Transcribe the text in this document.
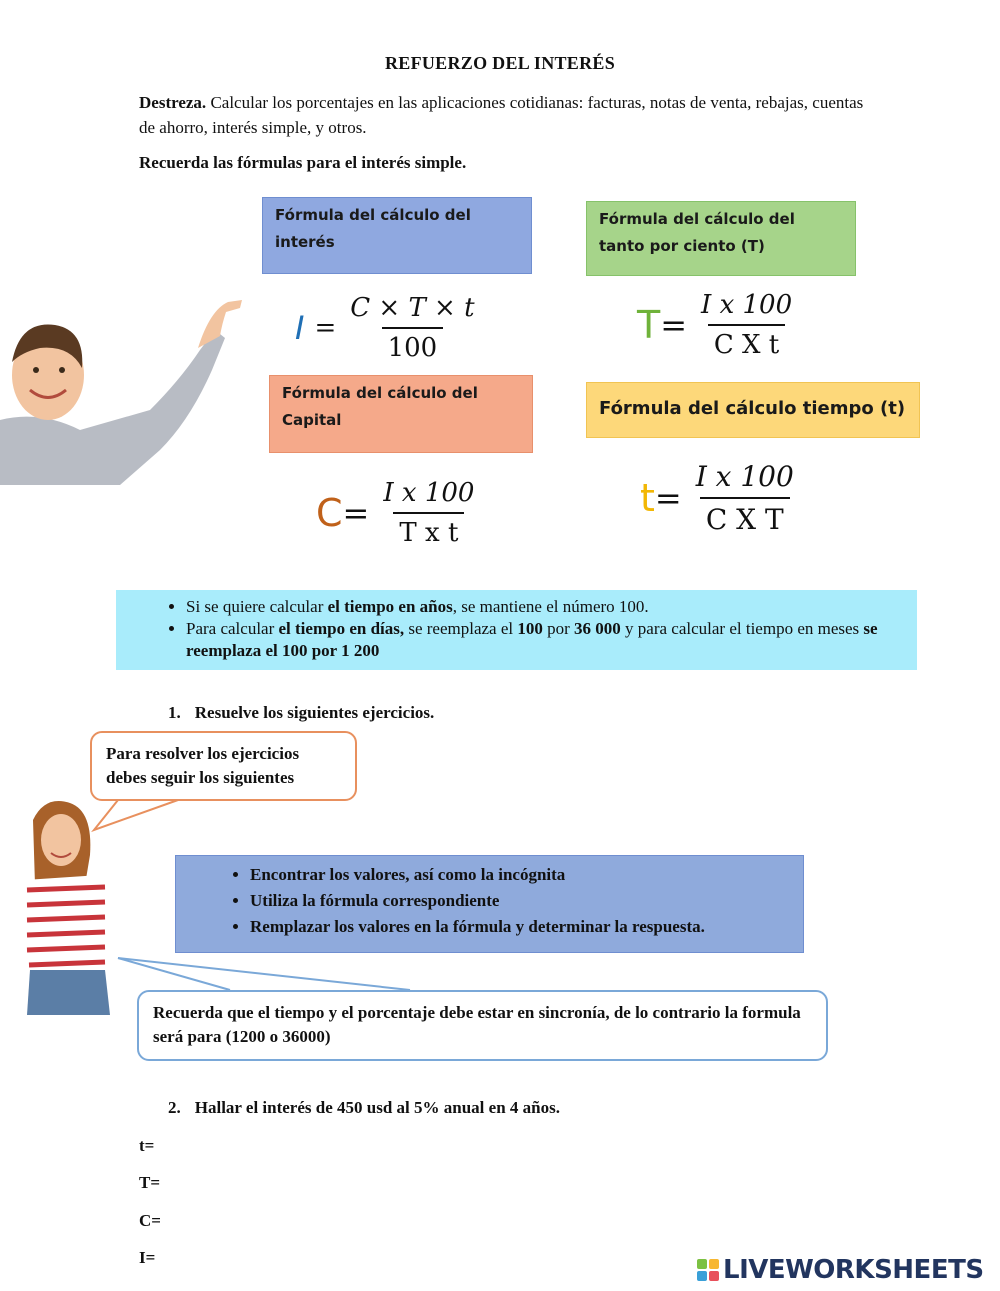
REFUERZO DEL INTERÉS
Destreza. Calcular los porcentajes en las aplicaciones cotidianas: facturas, notas de venta, rebajas, cuentas de ahorro, interés simple, y otros.
Recuerda las fórmulas para el interés simple.
Fórmula del cálculo del interés
Fórmula del cálculo del tanto por ciento (T)
$I = \frac{C \times T \times t}{100}$	$T = \frac{\text{I x 100}}{\text{C X t}}$
Fórmula del cálculo del Capital
Fórmula del cálculo tiempo (t)
$C = \frac{\text{I x 100}}{\text{T x t}}$	$t = \frac{\text{I x 100}}{\text{C X T}}$
• Si se quiere calcular el tiempo en años, se mantiene el número 100.
• Para calcular el tiempo en días, se reemplaza el 100 por 36 000 y para calcular el tiempo en meses se reemplaza el 100 por 1 200
1. Resuelve los siguientes ejercicios.
Para resolver los ejercicios debes seguir los siguientes
• Encontrar los valores, así como la incógnita
• Utiliza la fórmula correspondiente
• Remplazar los valores en la fórmula y determinar la respuesta.
Recuerda que el tiempo y el porcentaje debe estar en sincronía, de lo contrario la formula será para (1200 o 36000)
2. Hallar el interés de 450 usd al 5% anual en 4 años.
t=
T=
C=
I=	LIVEWORKSHEETS
